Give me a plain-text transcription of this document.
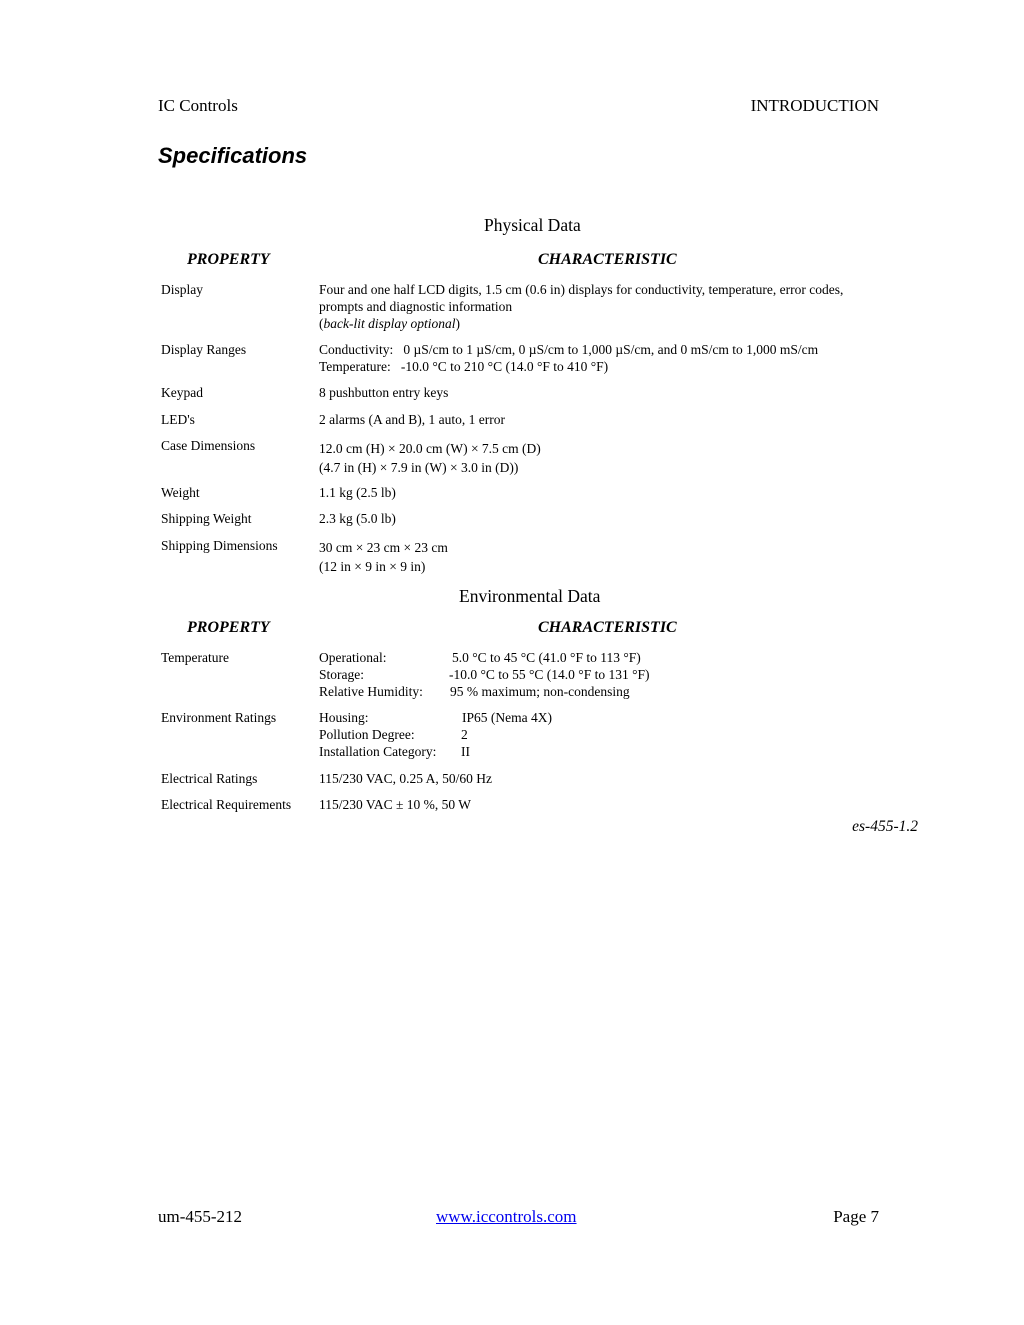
IC Controls	INTRODUCTION
Specifications
Physical Data
PROPERTY	CHARACTERISTIC
Display	Four and one half LCD digits, 1.5 cm (0.6 in) displays for conductivity, temperature, error codes,
prompts and diagnostic information
(back-lit display optional)
Display Ranges	Conductivity:   0 µS/cm to 1 µS/cm, 0 µS/cm to 1,000 µS/cm, and 0 mS/cm to 1,000 mS/cm
Temperature:   -10.0 °C to 210 °C (14.0 °F to 410 °F)
Keypad	8 pushbutton entry keys
LED's	2 alarms (A and B), 1 auto, 1 error
Case Dimensions	12.0 cm (H) × 20.0 cm (W) × 7.5 cm (D)
(4.7 in (H) × 7.9 in (W) × 3.0 in (D))
Weight	1.1 kg (2.5 lb)
Shipping Weight	2.3 kg (5.0 lb)
Shipping Dimensions	30 cm × 23 cm × 23 cm
(12 in × 9 in × 9 in)
Environmental Data
PROPERTY	CHARACTERISTIC
Temperature	Operational:	5.0 °C to 45 °C (41.0 °F to 113 °F)
Storage:	-10.0 °C to 55 °C (14.0 °F to 131 °F)
Relative Humidity: 95 % maximum; non-condensing
Environment Ratings	Housing:	IP65 (Nema 4X)
Pollution Degree:	2
Installation Category: II
Electrical Ratings	115/230 VAC, 0.25 A, 50/60 Hz
Electrical Requirements 115/230 VAC ± 10 %, 50 W
es-455-1.2
um-455-212	www.iccontrols.com	Page 7
